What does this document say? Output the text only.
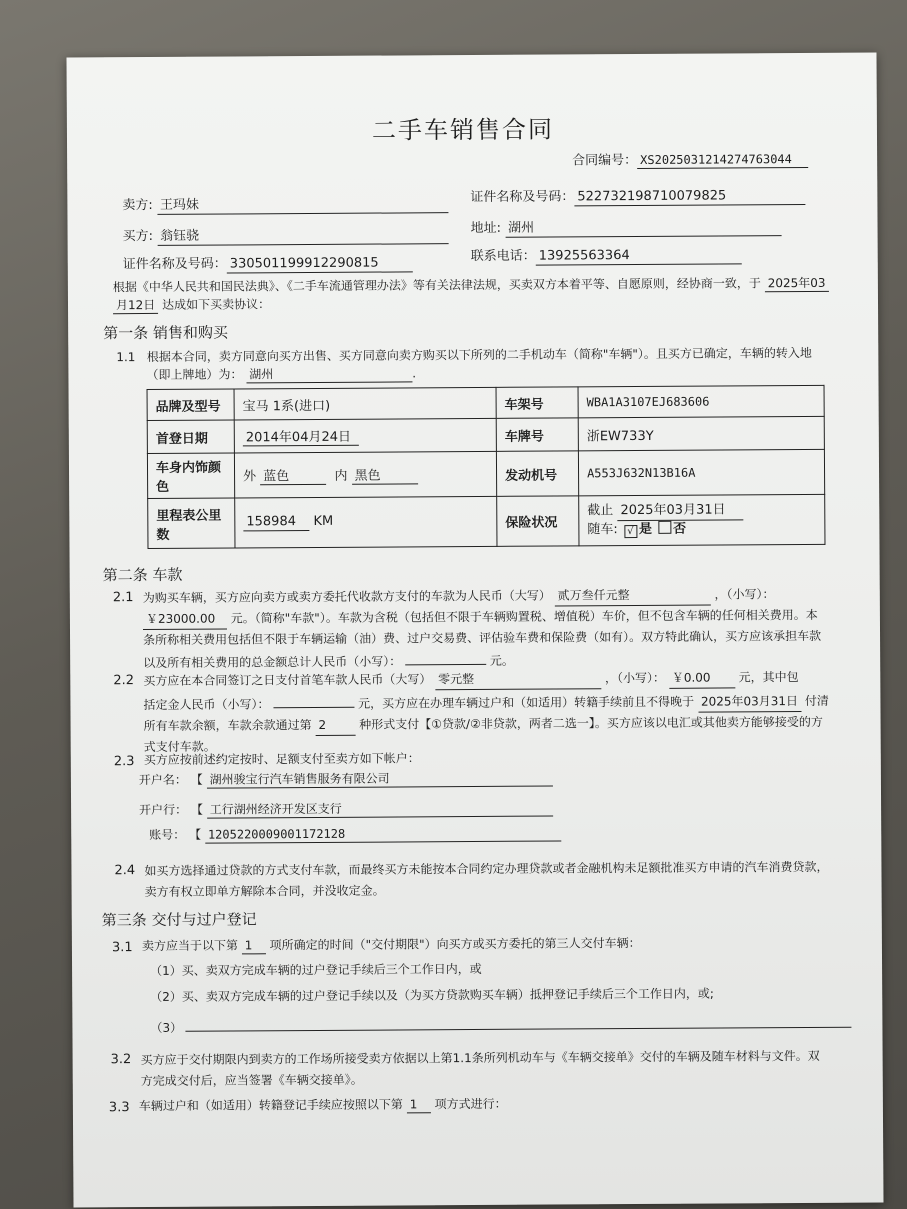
二手车销售合同
合同编号： XS2025031214274763044
卖方: 王玛妹
证件名称及号码： 522732198710079825
买方: 翁钰骁
地址: 湖州
证件名称及号码： 330501199912290815	联系电话： 13925563364
根据《中华人民共和国民法典》、《二手车流通管理办法》等有关法律法规，买卖双方本着平等、自愿原则，经协商一致，于 2025年03
月12日 达成如下买卖协议：
第一条 销售和购买
1.1 根据本合同，卖方同意向买方出售、买方同意向卖方购买以下所列的二手机动车（简称"车辆"）。且买方已确定，车辆的转入地
（即上牌地）为： 湖州	.
品牌及型号	宝马 1系(进口)	车架号	WBA1A3107EJ683606
首登日期	2014年04月24日	车牌号	浙EW733Y
车身内饰颜色	外 蓝色 内 黑色	发动机号	A553J632N13B16A
里程表公里数	158984 KM	保险状况	截止 2025年03月31日
随车: √ 是 否
第二条 车款
2.1 为购买车辆，买方应向卖方或卖方委托代收款方支付的车款为人民币（大写） 贰万叁仟元整	，（小写）：
￥23000.00 元。（简称"车款"）。车款为含税（包括但不限于车辆购置税、增值税）车价，但不包含车辆的任何相关费用。本
条所称相关费用包括但不限于车辆运输（油）费、过户交易费、评估验车费和保险费（如有）。双方特此确认，买方应该承担车款
以及所有相关费用的总金额总计人民币（小写）：	元。
2.2 买方应在本合同签订之日支付首笔车款人民币（大写） 零元整	，（小写）： ￥0.00 元，其中包
括定金人民币（小写）：	元，买方应在办理车辆过户和（如适用）转籍手续前且不得晚于 2025年03月31日 付清
所有车款余额，车款余款通过第 2	种形式支付【①贷款/②非贷款，两者二选一】。买方应该以电汇或其他卖方能够接受的方
式支付车款。
2.3 买方应按前述约定按时、足额支付至卖方如下帐户：
开户名： 【 湖州骏宝行汽车销售服务有限公司
开户行： 【 工行湖州经济开发区支行
账号： 【 1205220009001172128
2.4 如买方选择通过贷款的方式支付车款，而最终买方未能按本合同约定办理贷款或者金融机构未足额批准买方申请的汽车消费贷款，
卖方有权立即单方解除本合同，并没收定金。
第三条 交付与过户登记
3.1 卖方应当于以下第 1 项所确定的时间（"交付期限"）向买方或买方委托的第三人交付车辆：
（1）买、卖双方完成车辆的过户登记手续后三个工作日内，或
（2）买、卖双方完成车辆的过户登记手续以及（为买方贷款购买车辆）抵押登记手续后三个工作日内，或;
（3）
3.2 买方应于交付期限内到卖方的工作场所接受卖方依据以上第1.1条所列机动车与《车辆交接单》交付的车辆及随车材料与文件。双
方完成交付后，应当签署《车辆交接单》。
3.3 车辆过户和（如适用）转籍登记手续应按照以下第 1 项方式进行：
